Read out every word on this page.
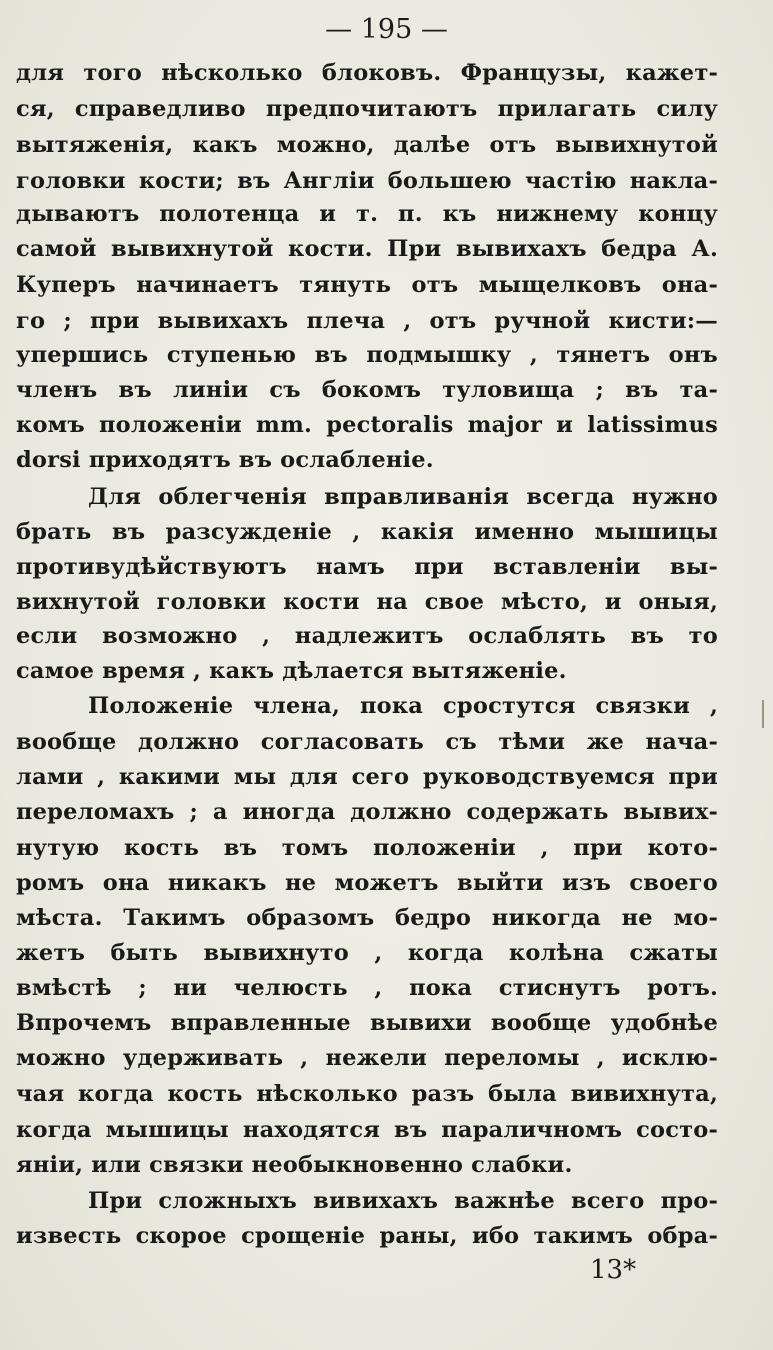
— 195 —
для того нѣсколько блоковъ. Французы, кажет-
ся, справедливо предпочитаютъ прилагать силу
вытяженія, какъ можно, далѣе отъ вывихнутой
головки кости; въ Англіи большею частію накла-
дываютъ полотенца и т. п. къ нижнему концу
самой вывихнутой кости. При вывихахъ бедра А.
Куперъ начинаетъ тянуть отъ мыщелковъ она-
го ; при вывихахъ плеча , отъ ручной кисти:—
упершись ступенью въ подмышку , тянетъ онъ
членъ въ линіи съ бокомъ туловища ; въ та-
комъ положеніи mm. pectoralis major и latissimus
dorsi приходятъ въ ослабленіе.
Для облегченія вправливанія всегда нужно
брать въ разсужденіе , какія именно мышицы
противудѣйствуютъ намъ при вставленіи вы-
вихнутой головки кости на свое мѣсто, и оныя,
если возможно , надлежитъ ослаблять въ то
самое время , какъ дѣлается вытяженіе.
Положеніе члена, пока сростутся связки ,
вообще должно согласовать съ тѣми же нача-
лами , какими мы для сего руководствуемся при
переломахъ ; а иногда должно содержать вывих-
нутую кость въ томъ положеніи , при кото-
ромъ она никакъ не можетъ выйти изъ своего
мѣста. Такимъ образомъ бедро никогда не мо-
жетъ быть вывихнуто , когда колѣна сжаты
вмѣстѣ ; ни челюсть , пока стиснутъ ротъ.
Впрочемъ вправленные вывихи вообще удобнѣе
можно удерживать , нежели переломы , исклю-
чая когда кость нѣсколько разъ была вивихнута,
когда мышицы находятся въ параличномъ состо-
яніи, или связки необыкновенно слабки.
При сложныхъ вивихахъ важнѣе всего про-
известь скорое срощеніе раны, ибо такимъ обра-
13*
